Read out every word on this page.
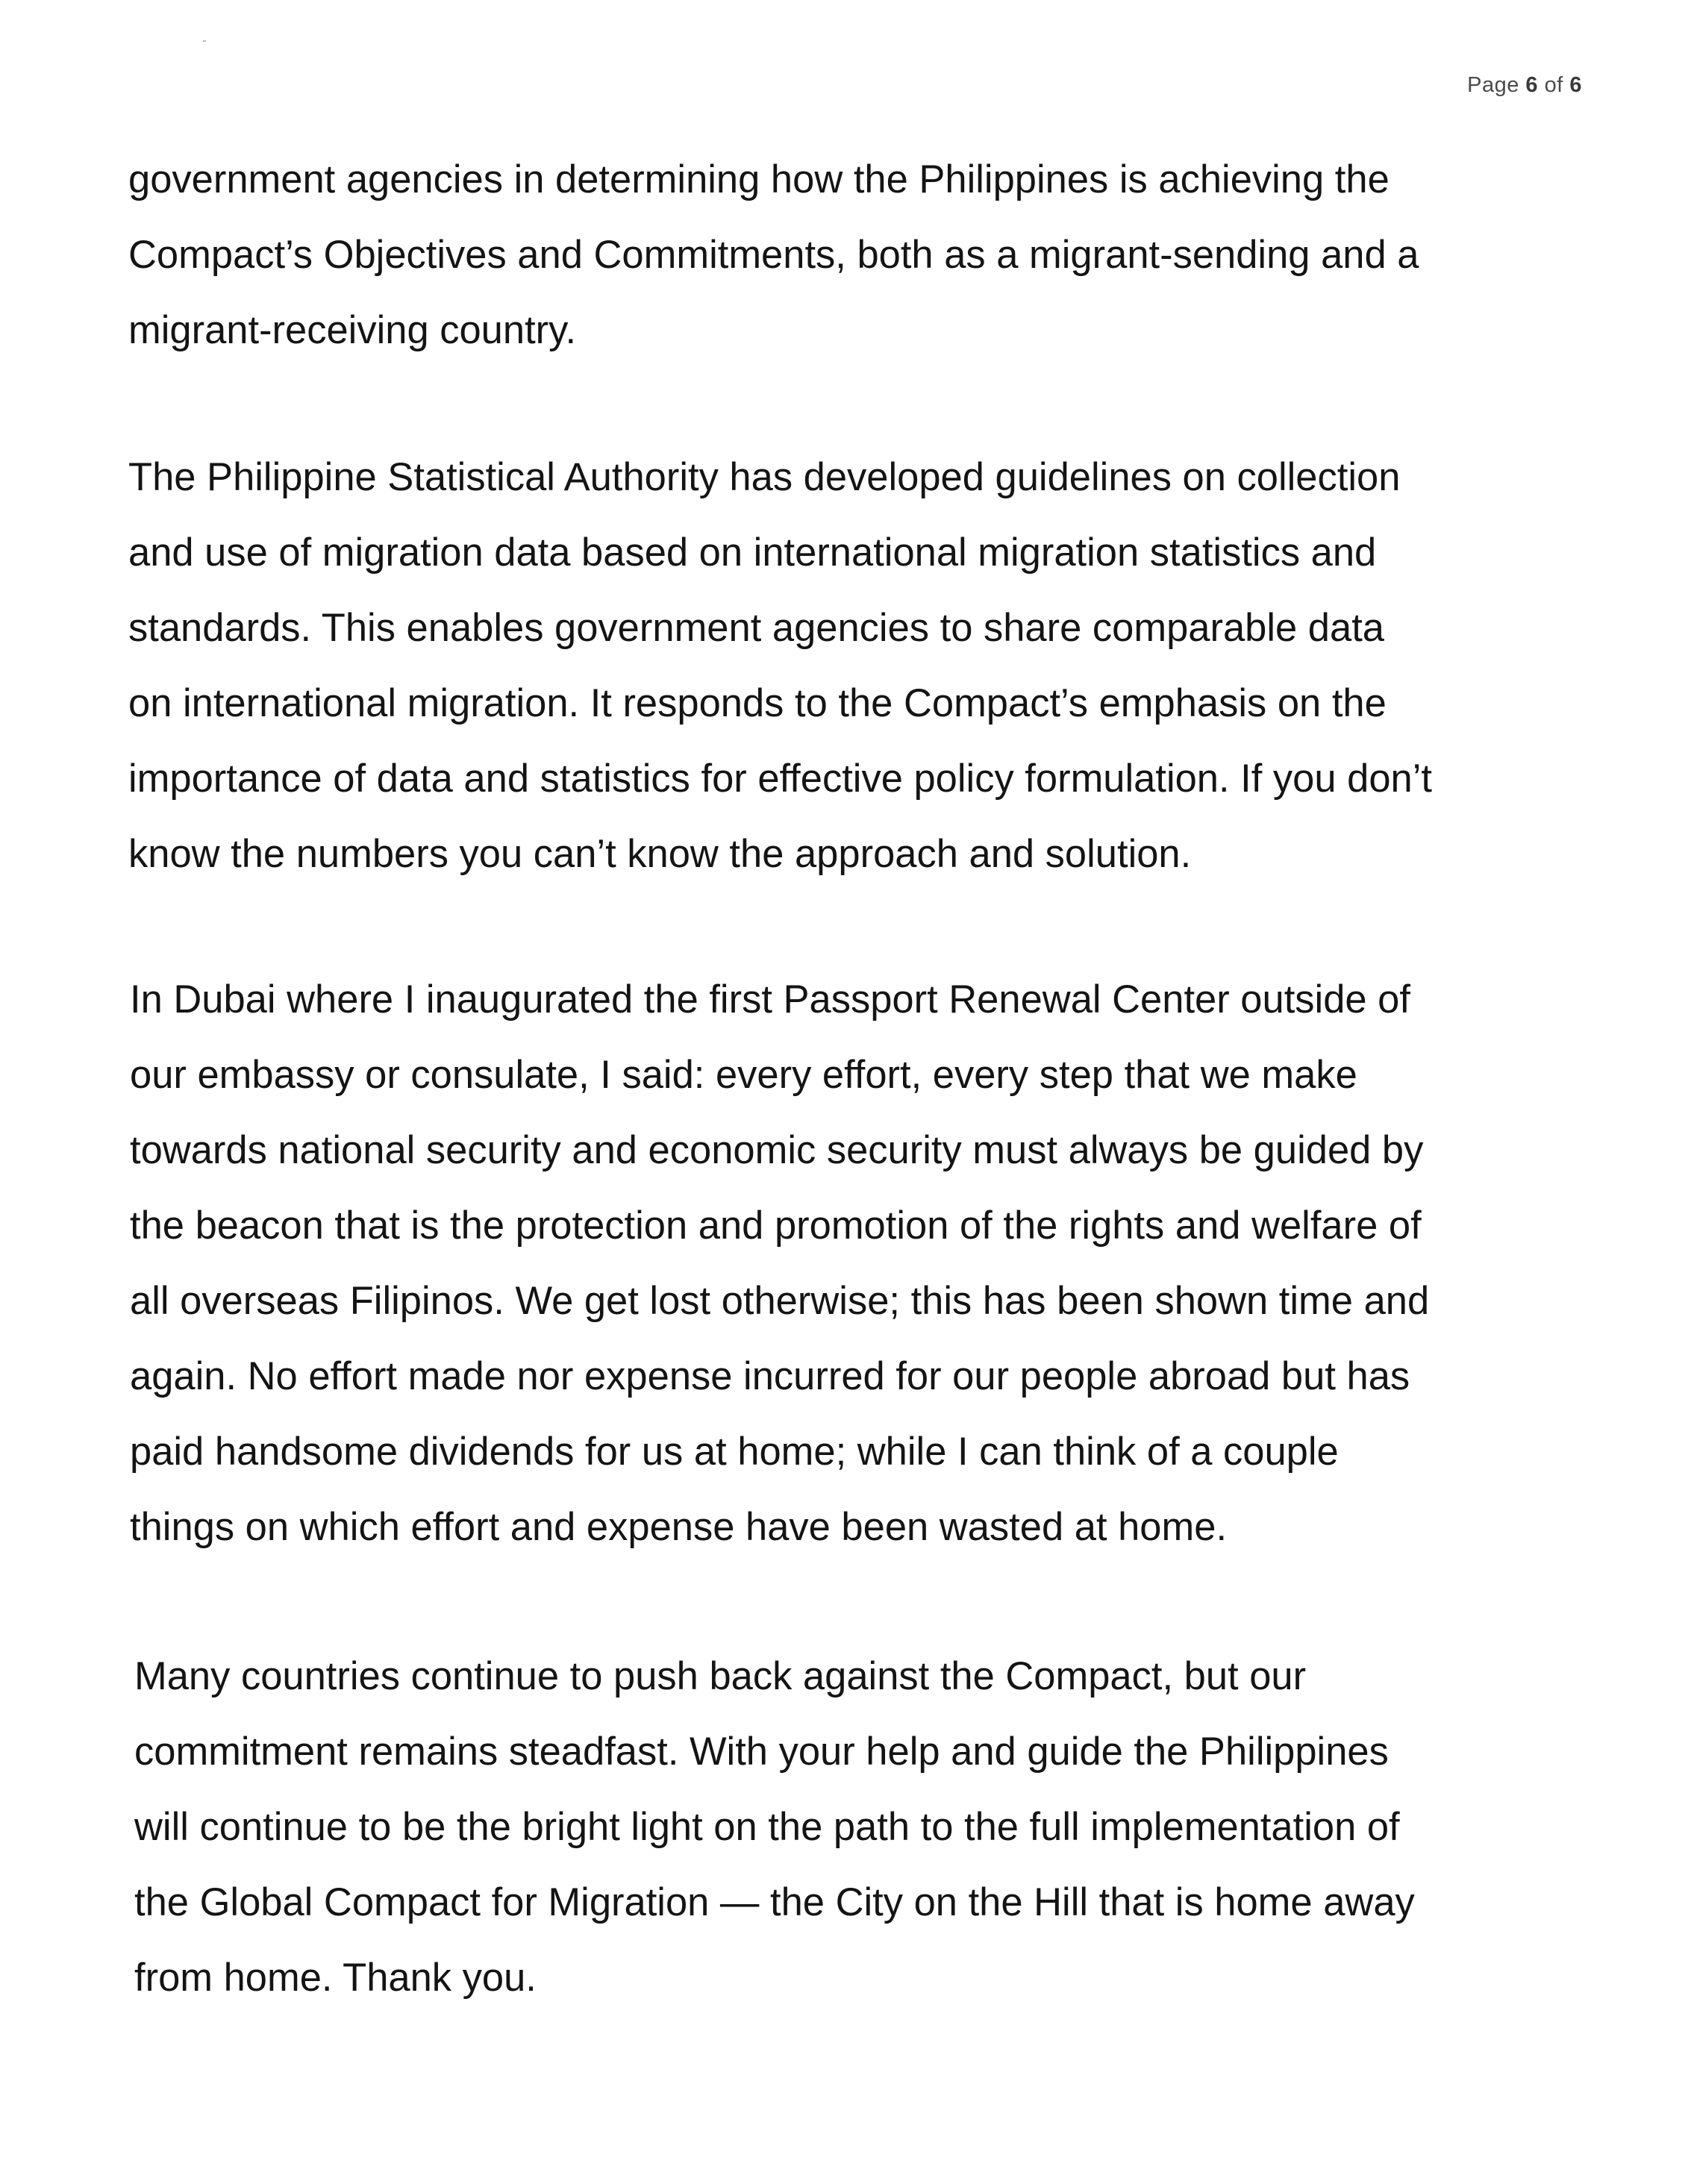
Page 6 of 6

government agencies in determining how the Philippines is achieving the
Compact’s Objectives and Commitments, both as a migrant-sending and a
migrant-receiving country.

The Philippine Statistical Authority has developed guidelines on collection
and use of migration data based on international migration statistics and
standards. This enables government agencies to share comparable data
on international migration. It responds to the Compact’s emphasis on the
importance of data and statistics for effective policy formulation. If you don’t
know the numbers you can’t know the approach and solution.

In Dubai where I inaugurated the first Passport Renewal Center outside of
our embassy or consulate, I said: every effort, every step that we make
towards national security and economic security must always be guided by
the beacon that is the protection and promotion of the rights and welfare of
all overseas Filipinos. We get lost otherwise; this has been shown time and
again. No effort made nor expense incurred for our people abroad but has
paid handsome dividends for us at home; while I can think of a couple
things on which effort and expense have been wasted at home.

Many countries continue to push back against the Compact, but our
commitment remains steadfast. With your help and guide the Philippines
will continue to be the bright light on the path to the full implementation of
the Global Compact for Migration — the City on the Hill that is home away
from home. Thank you.
